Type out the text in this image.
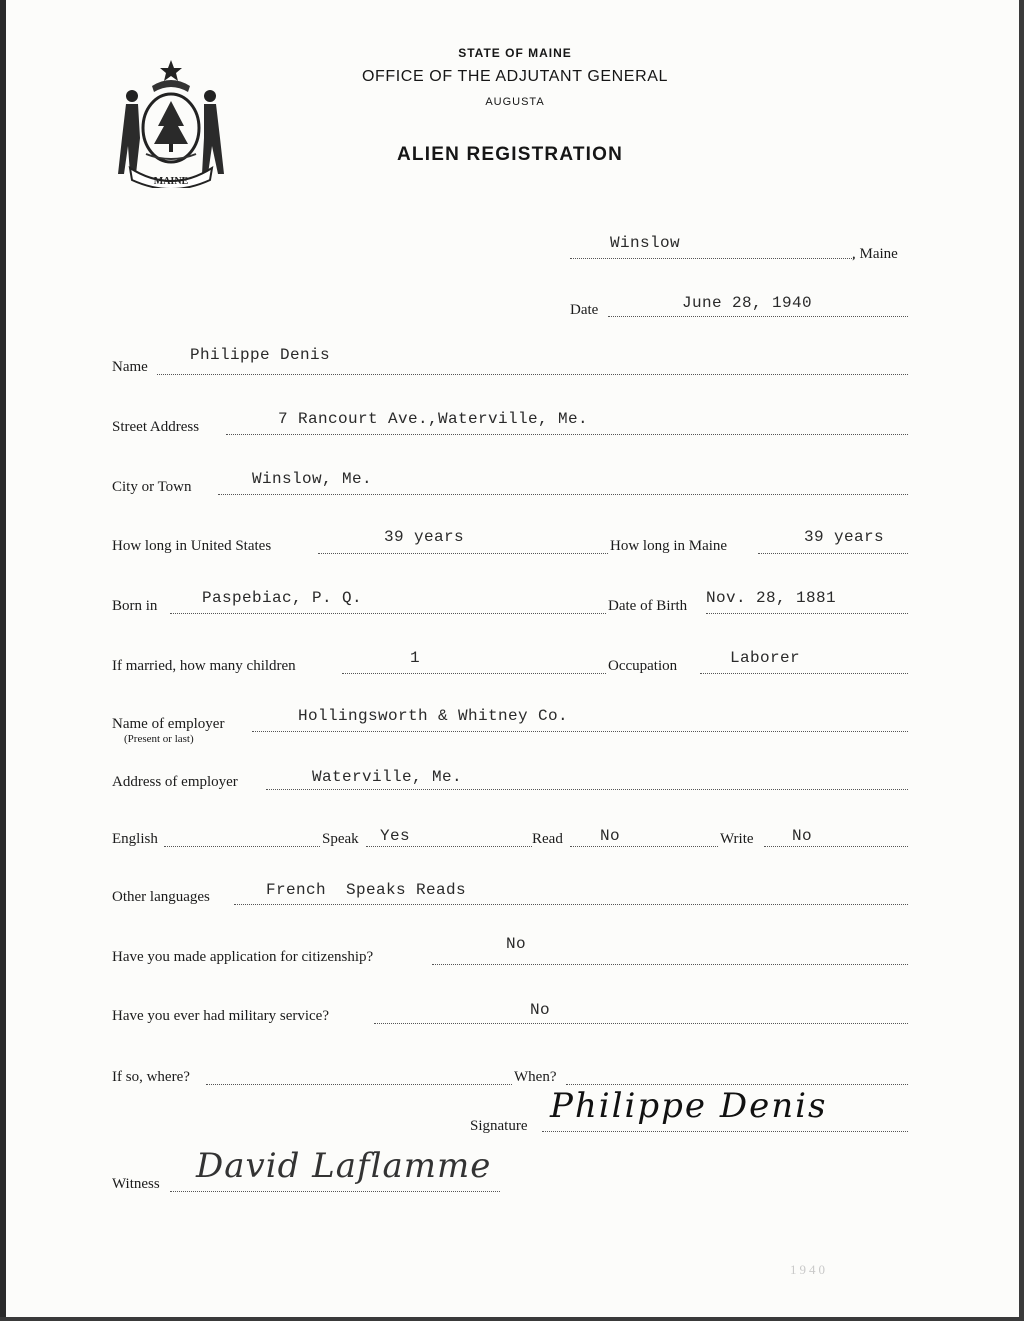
MAINE
STATE OF MAINE
OFFICE OF THE ADJUTANT GENERAL
AUGUSTA
ALIEN REGISTRATION
Winslow
, Maine
Date	June 28, 1940
Name
Philippe Denis
Street Address	7 Rancourt Ave.,Waterville, Me.
City or Town	Winslow, Me.
How long in United States	39 years	How long in Maine	39 years
Born in	Paspebiac, P. Q.	Date of Birth Nov. 28, 1881
If married, how many children	1	Occupation	Laborer
Name of employer
(Present or last)
Hollingsworth & Whitney Co.
Address of employer	Waterville, Me.
English	Speak Yes	Read No	Write No
Other languages	French  Speaks Reads
Have you made application for citizenship?
No
Have you ever had military service?	No
If so, where?	When?
Signature Philippe Denis
Witness David Laflamme
1940
